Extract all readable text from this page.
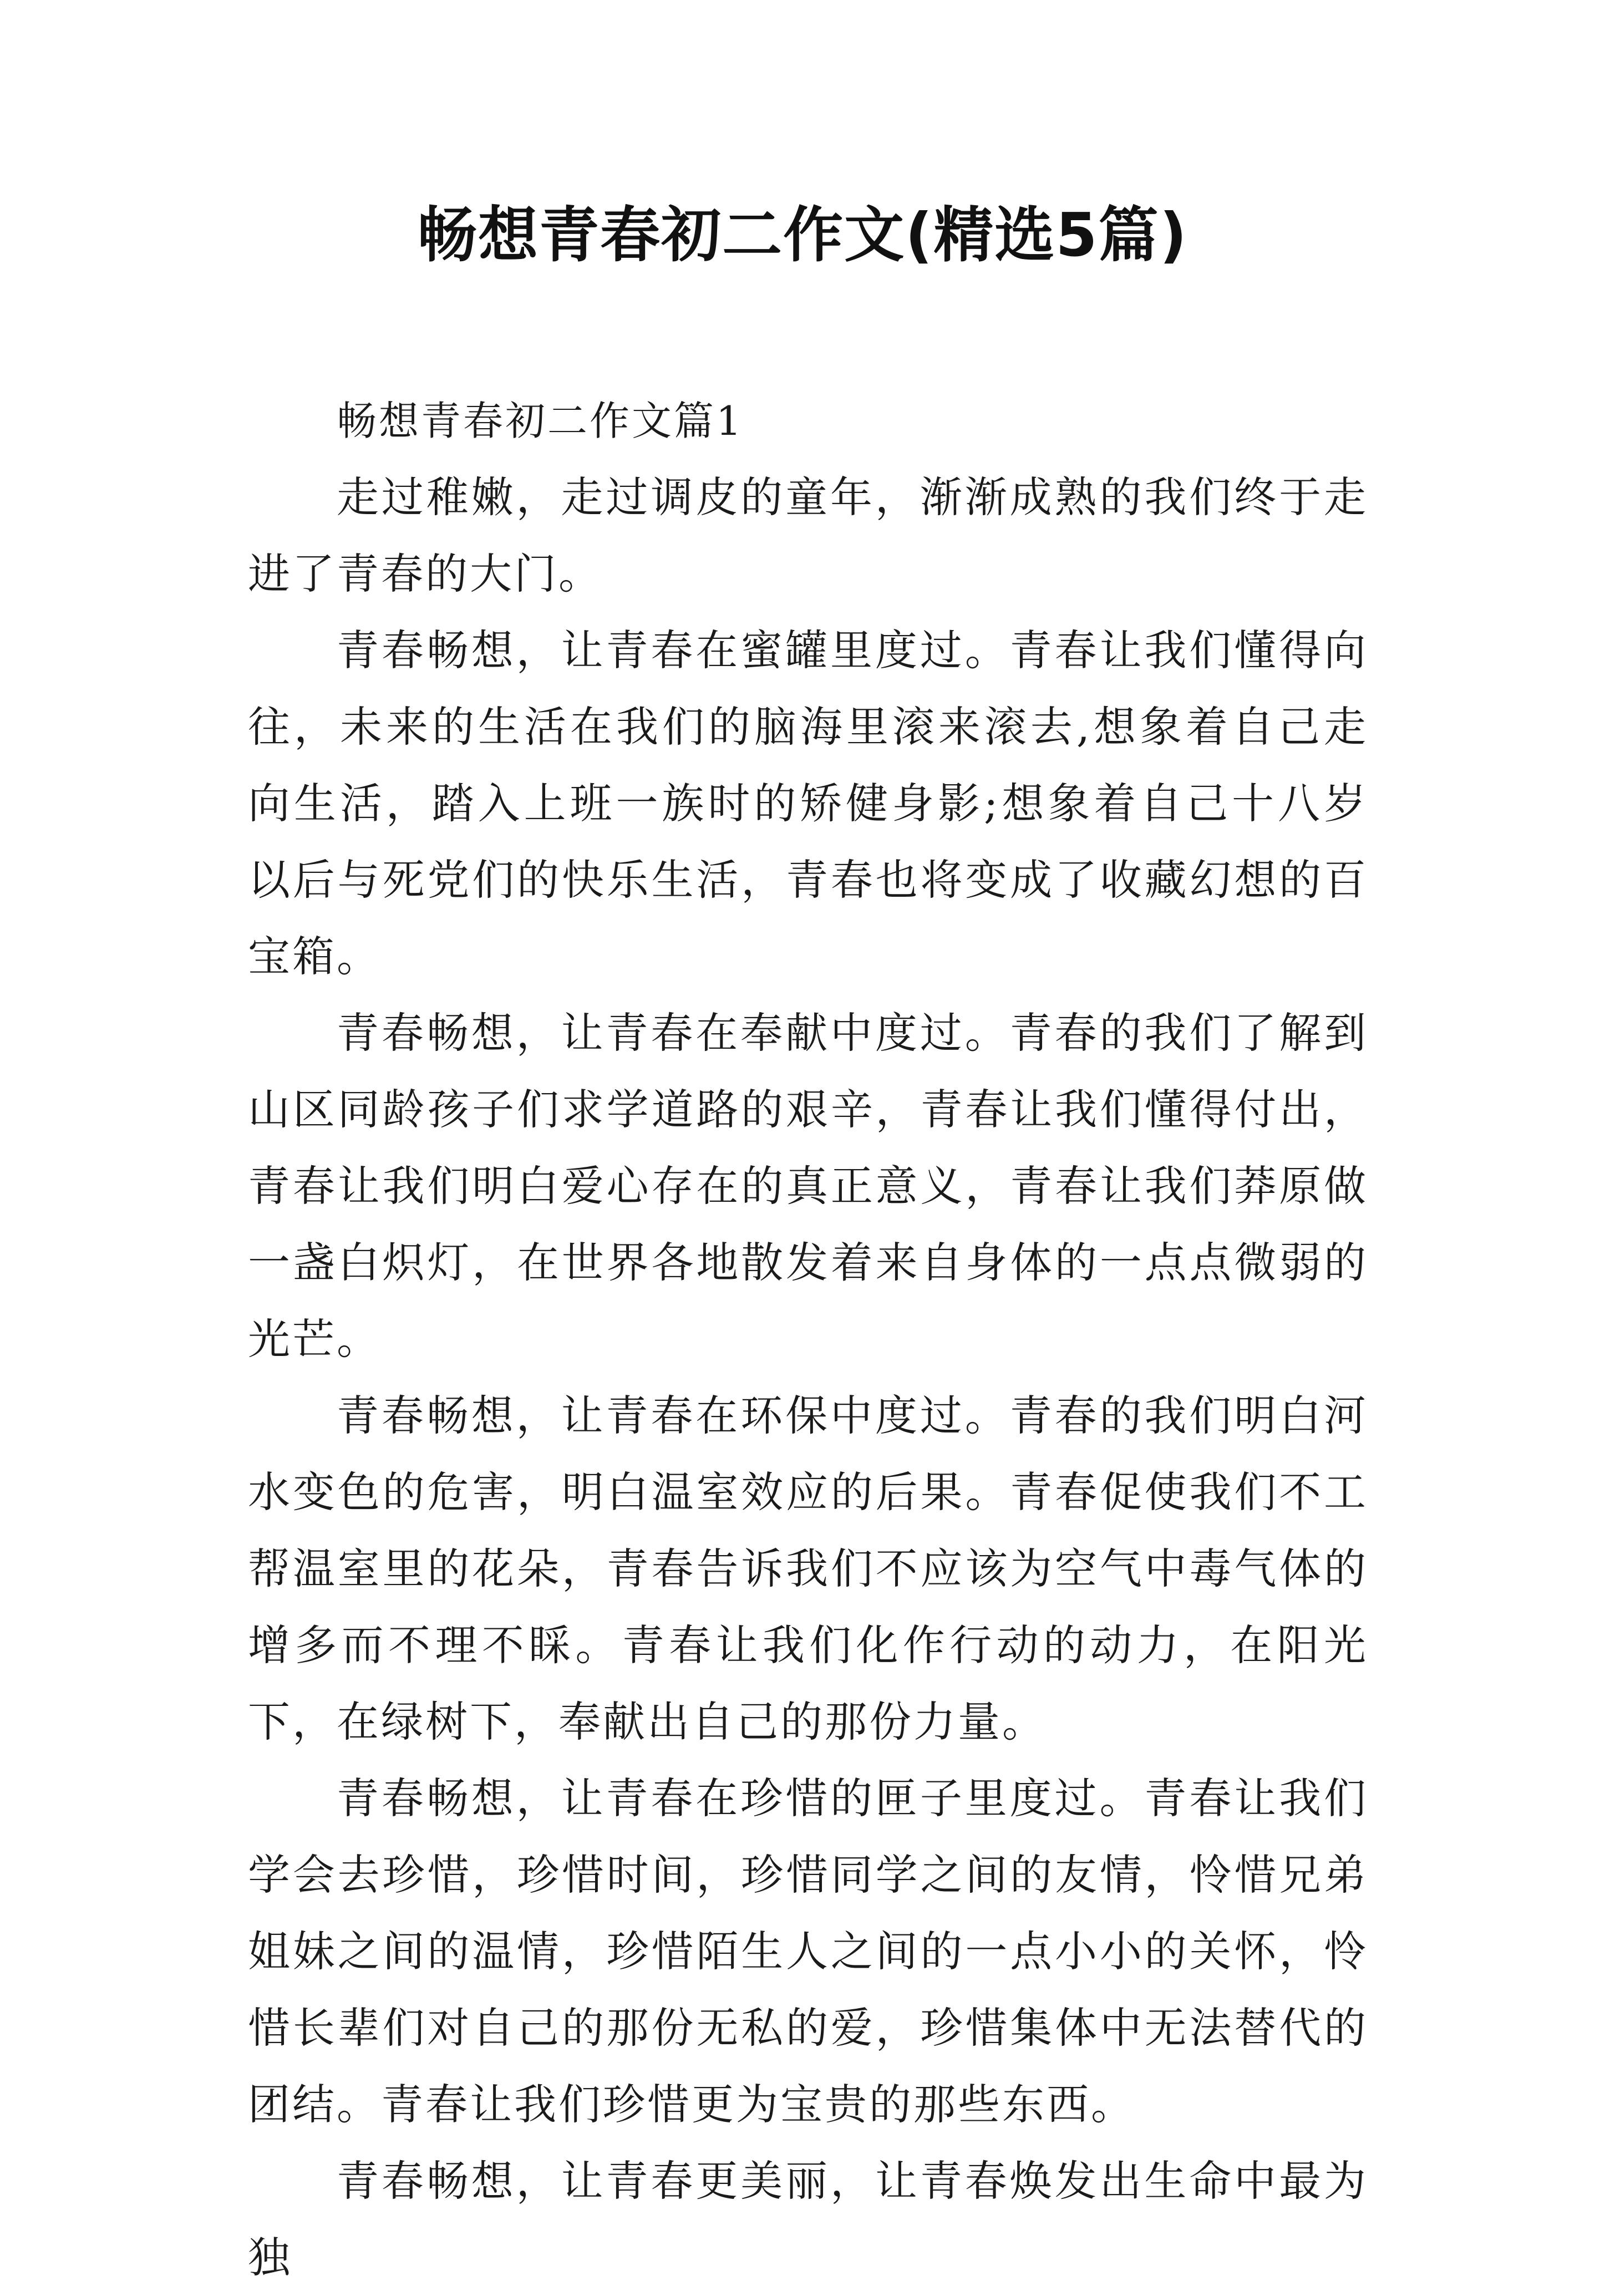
畅想青春初二作文(精选5篇)

畅想青春初二作文篇1

走过稚嫩，走过调皮的童年，渐渐成熟的我们终于走进了青春的大门。

青春畅想，让青春在蜜罐里度过。青春让我们懂得向往，未来的生活在我们的脑海里滚来滚去,想象着自己走向生活，踏入上班一族时的矫健身影;想象着自己十八岁以后与死党们的快乐生活，青春也将变成了收藏幻想的百宝箱。

青春畅想，让青春在奉献中度过。青春的我们了解到山区同龄孩子们求学道路的艰辛，青春让我们懂得付出，青春让我们明白爱心存在的真正意义，青春让我们莽原做一盏白炽灯，在世界各地散发着来自身体的一点点微弱的光芒。

青春畅想，让青春在环保中度过。青春的我们明白河水变色的危害，明白温室效应的后果。青春促使我们不工帮温室里的花朵，青春告诉我们不应该为空气中毒气体的增多而不理不睬。青春让我们化作行动的动力，在阳光下，在绿树下，奉献出自己的那份力量。

青春畅想，让青春在珍惜的匣子里度过。青春让我们学会去珍惜，珍惜时间，珍惜同学之间的友情，怜惜兄弟姐妹之间的温情，珍惜陌生人之间的一点小小的关怀，怜惜长辈们对自己的那份无私的爱，珍惜集体中无法替代的团结。青春让我们珍惜更为宝贵的那些东西。

青春畅想，让青春更美丽，让青春焕发出生命中最为独
